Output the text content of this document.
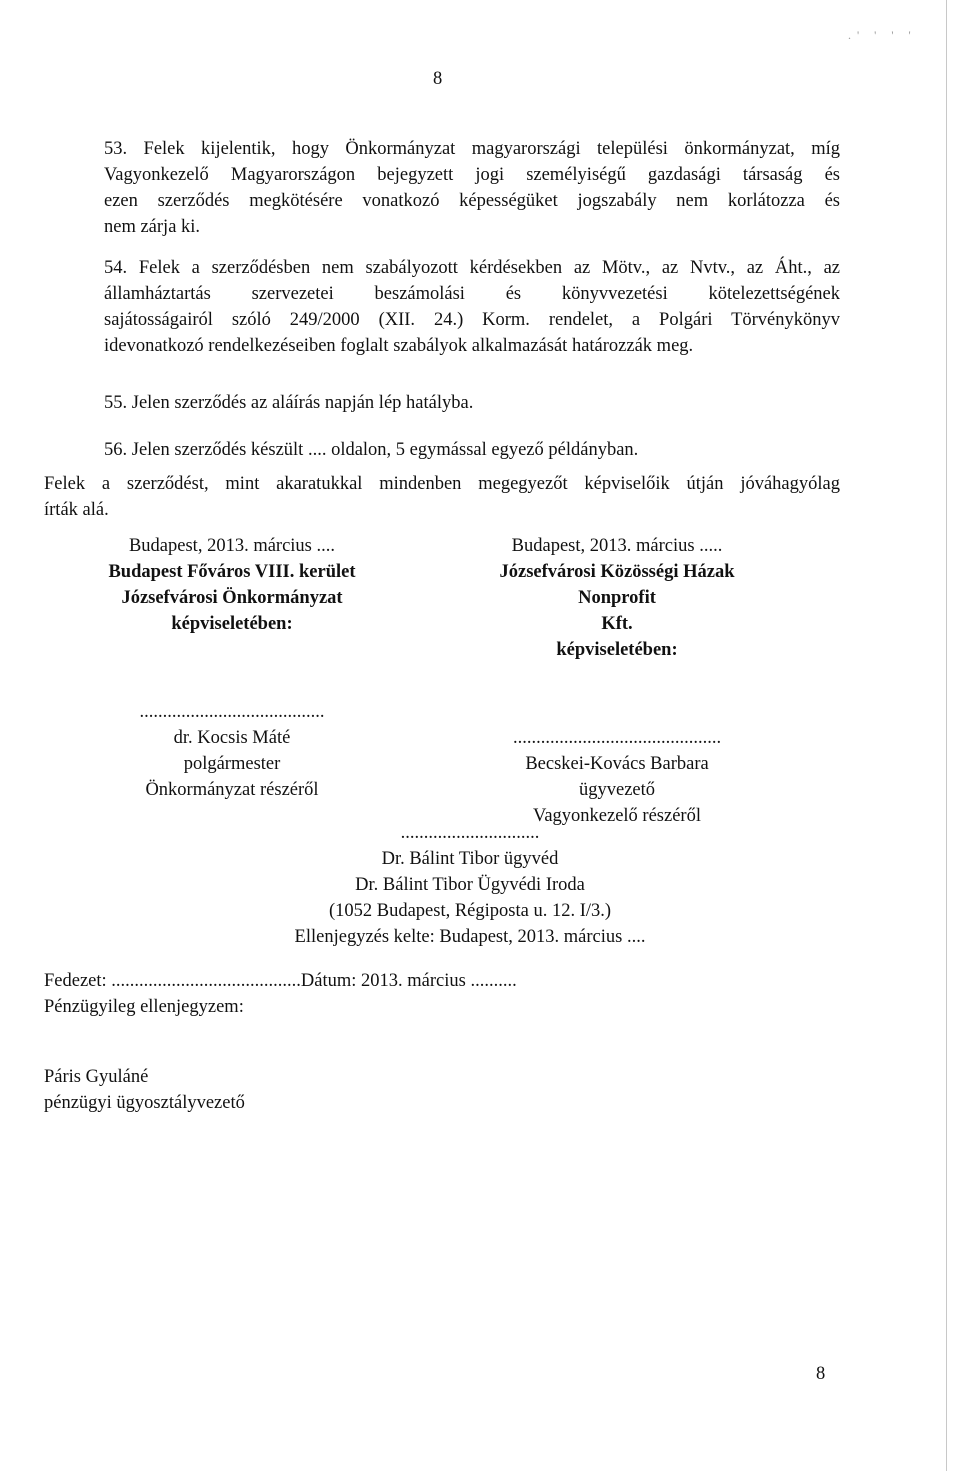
.' ' ' '
8
53. Felek kijelentik, hogy Önkormányzat magyarországi települési önkormányzat, míg
Vagyonkezelő Magyarországon bejegyzett jogi személyiségű gazdasági társaság és
ezen szerződés megkötésére vonatkozó képességüket jogszabály nem korlátozza és
nem zárja ki.
54. Felek a szerződésben nem szabályozott kérdésekben az Mötv., az Nvtv., az Áht., az
államháztartás szervezetei beszámolási és könyvvezetési kötelezettségének
sajátosságairól szóló 249/2000 (XII. 24.) Korm. rendelet, a Polgári Törvénykönyv
idevonatkozó rendelkezéseiben foglalt szabályok alkalmazását határozzák meg.
55. Jelen szerződés az aláírás napján lép hatályba.
56. Jelen szerződés készült .... oldalon, 5 egymással egyező példányban.
Felek a szerződést, mint akaratukkal mindenben megegyezőt képviselőik útján jóváhagyólag
írták alá.
Budapest, 2013. március ....
Budapest Főváros VIII. kerület
Józsefvárosi Önkormányzat
képviseletében:
........................................
dr. Kocsis Máté
polgármester
Önkormányzat részéről
Budapest, 2013. március .....
Józsefvárosi Közösségi Házak Nonprofit
Kft.
képviseletében:
.............................................
Becskei-Kovács Barbara
ügyvezető
Vagyonkezelő részéről
..............................
Dr. Bálint Tibor ügyvéd
Dr. Bálint Tibor Ügyvédi Iroda
(1052 Budapest, Régiposta u. 12. I/3.)
Ellenjegyzés kelte: Budapest, 2013. március ....
Fedezet: .........................................Dátum: 2013. március ..........
Pénzügyileg ellenjegyzem:
Páris Gyuláné
pénzügyi ügyosztályvezető
8
